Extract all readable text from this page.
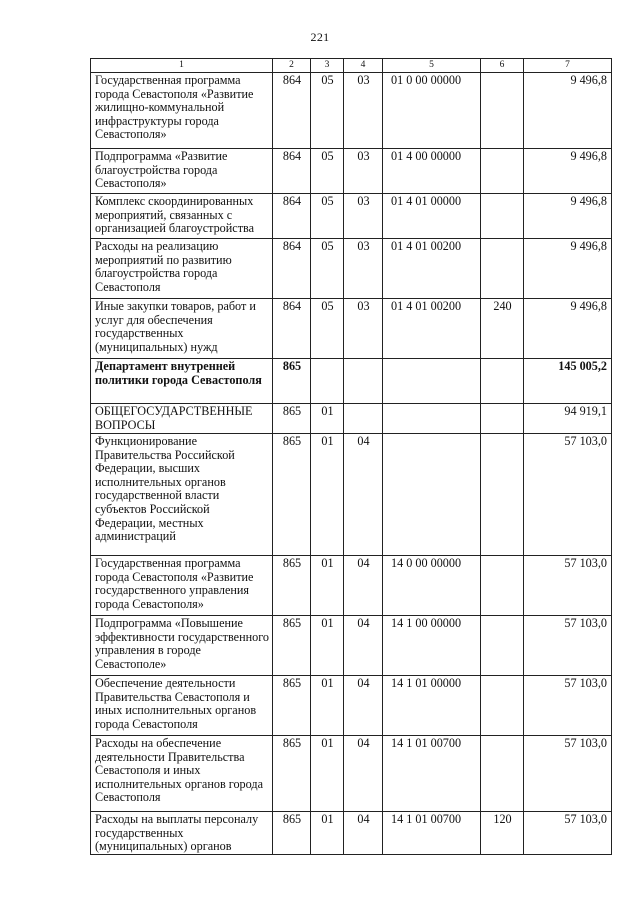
221
1	2	3	4	5	6	7
Государственная программа города Севастополя «Развитие жилищно-коммунальной инфраструктуры города Севастополя»	864	05	03	01 0 00 00000		9 496,8
Подпрограмма «Развитие благоустройства города Севастополя»	864	05	03	01 4 00 00000		9 496,8
Комплекс скоординированных мероприятий, связанных с организацией благоустройства	864	05	03	01 4 01 00000		9 496,8
Расходы на реализацию мероприятий по развитию благоустройства города Севастополя	864	05	03	01 4 01 00200		9 496,8
Иные закупки товаров, работ и услуг для обеспечения государственных (муниципальных) нужд	864	05	03	01 4 01 00200	240	9 496,8
Департамент внутренней политики города Севастополя	865					145 005,2
ОБЩЕГОСУДАРСТВЕННЫЕ ВОПРОСЫ	865	01				94 919,1
Функционирование Правительства Российской Федерации, высших исполнительных органов государственной власти субъектов Российской Федерации, местных администраций	865	01	04			57 103,0
Государственная программа города Севастополя «Развитие государственного управления города Севастополя»	865	01	04	14 0 00 00000		57 103,0
Подпрограмма «Повышение эффективности государственного управления в городе Севастополе»	865	01	04	14 1 00 00000		57 103,0
Обеспечение деятельности Правительства Севастополя и иных исполнительных органов города Севастополя	865	01	04	14 1 01 00000		57 103,0
Расходы на обеспечение деятельности Правительства Севастополя и иных исполнительных органов города Севастополя	865	01	04	14 1 01 00700		57 103,0
Расходы на выплаты персоналу государственных (муниципальных) органов	865	01	04	14 1 01 00700	120	57 103,0
